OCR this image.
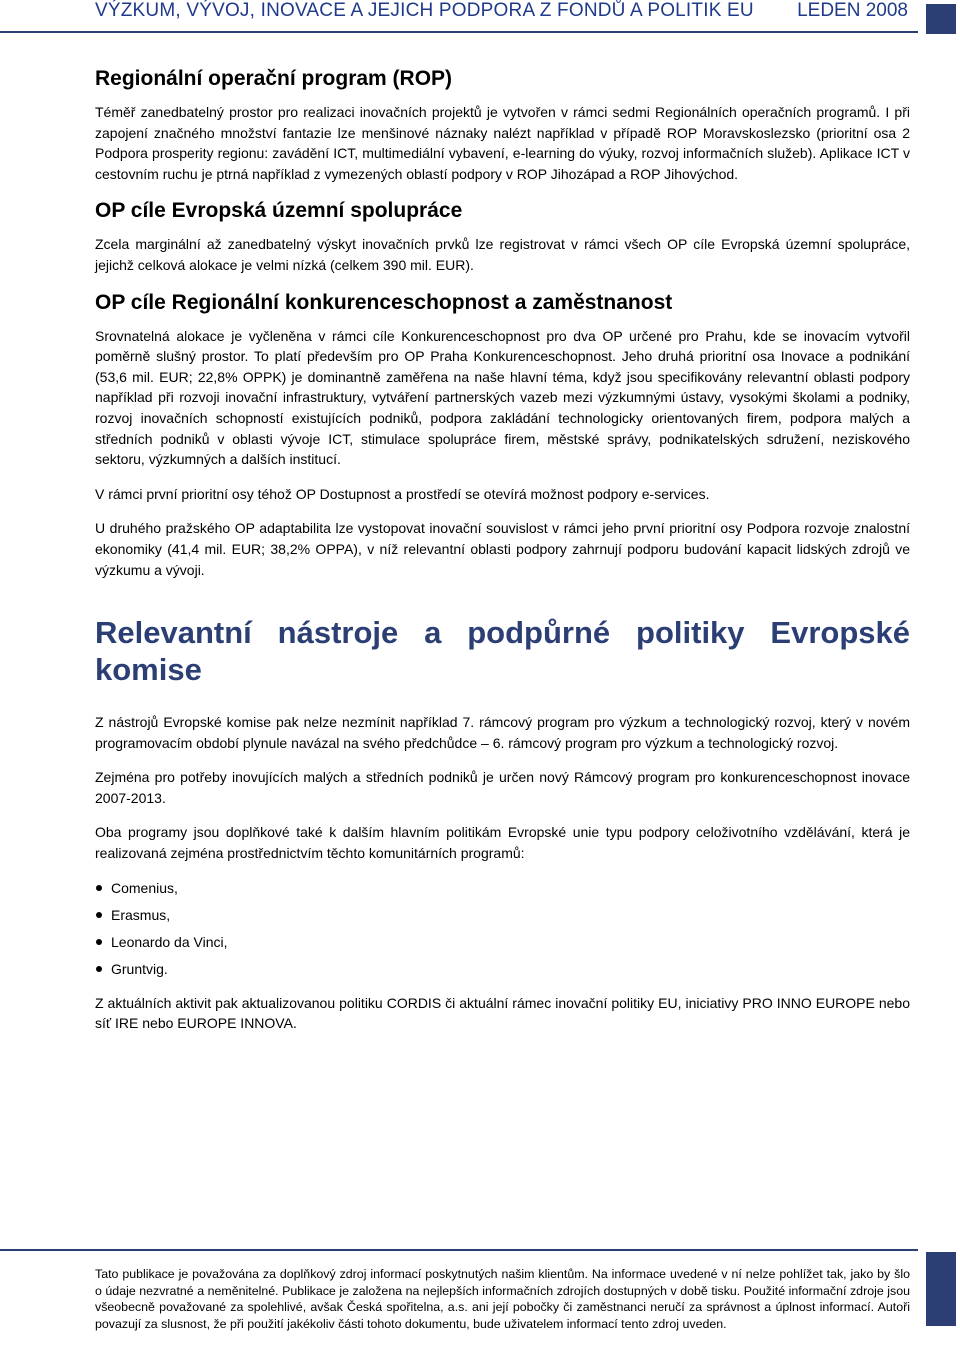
VÝZKUM, VÝVOJ, INOVACE A JEJICH PODPORA Z FONDŮ A POLITIK EU LEDEN 2008
Regionální operační program (ROP)

Téměř zanedbatelný prostor pro realizaci inovačních projektů je vytvořen v rámci sedmi Regionálních operačních programů. I při zapojení značného množství fantazie lze menšinové náznaky nalézt například v případě ROP Moravskoslezsko (prioritní osa 2 Podpora prosperity regionu: zavádění ICT, multimediální vybavení, e-learning do výuky, rozvoj informačních služeb). Aplikace ICT v cestovním ruchu je ptrná například z vymezených oblastí podpory v ROP Jihozápad a ROP Jihovýchod.

OP cíle Evropská územní spolupráce

Zcela marginální až zanedbatelný výskyt inovačních prvků lze registrovat v rámci všech OP cíle Evropská územní spolupráce, jejichž celková alokace je velmi nízká (celkem 390 mil. EUR).

OP cíle Regionální konkurenceschopnost a zaměstnanost

Srovnatelná alokace je vyčleněna v rámci cíle Konkurenceschopnost pro dva OP určené pro Prahu, kde se inovacím vytvořil poměrně slušný prostor. To platí především pro OP Praha Konkurenceschopnost. Jeho druhá prioritní osa Inovace a podnikání (53,6 mil. EUR; 22,8% OPPK) je dominantně zaměřena na naše hlavní téma, když jsou specifikovány relevantní oblasti podpory například při rozvoji inovační infrastruktury, vytváření partnerských vazeb mezi výzkumnými ústavy, vysokými školami a podniky, rozvoj inovačních schopností existujících podniků, podpora zakládání technologicky orientovaných firem, podpora malých a středních podniků v oblasti vývoje ICT, stimulace spolupráce firem, městské správy, podnikatelských sdružení, neziskového sektoru, výzkumných a dalších institucí.

V rámci první prioritní osy téhož OP Dostupnost a prostředí se otevírá možnost podpory e-services.

U druhého pražského OP adaptabilita lze vystopovat inovační souvislost v rámci jeho první prioritní osy Podpora rozvoje znalostní ekonomiky (41,4 mil. EUR; 38,2% OPPA), v níž relevantní oblasti podpory zahrnují podporu budování kapacit lidských zdrojů ve výzkumu a vývoji.

Relevantní nástroje a podpůrné politiky Evropské komise

Z nástrojů Evropské komise pak nelze nezmínit například 7. rámcový program pro výzkum a technologický rozvoj, který v novém programovacím období plynule navázal na svého předchůdce – 6. rámcový program pro výzkum a technologický rozvoj.

Zejména pro potřeby inovujících malých a středních podniků je určen nový Rámcový program pro konkurenceschopnost inovace 2007-2013.

Oba programy jsou doplňkové také k dalším hlavním politikám Evropské unie typu podpory celoživotního vzdělávání, která je realizovaná zejména prostřednictvím těchto komunitárních programů:

Comenius,
Erasmus,
Leonardo da Vinci,
Gruntvig.

Z aktuálních aktivit pak aktualizovanou politiku CORDIS či aktuální rámec inovační politiky EU, iniciativy PRO INNO EUROPE nebo síť IRE nebo EUROPE INNOVA.

Tato publikace je považována za doplňkový zdroj informací poskytnutých našim klientům. Na informace uvedené v ní nelze pohlížet tak, jako by šlo o údaje nezvratné a neměnitelné. Publikace je založena na nejlepších informačních zdrojích dostupných v době tisku. Použité informační zdroje jsou všeobecně považované za spolehlivé, avšak Česká spořitelna, a.s. ani její pobočky či zaměstnanci neručí za správnost a úplnost informací. Autoři povazují za slusnost, že při použití jakékoliv části tohoto dokumentu, bude uživatelem informací tento zdroj uveden.
